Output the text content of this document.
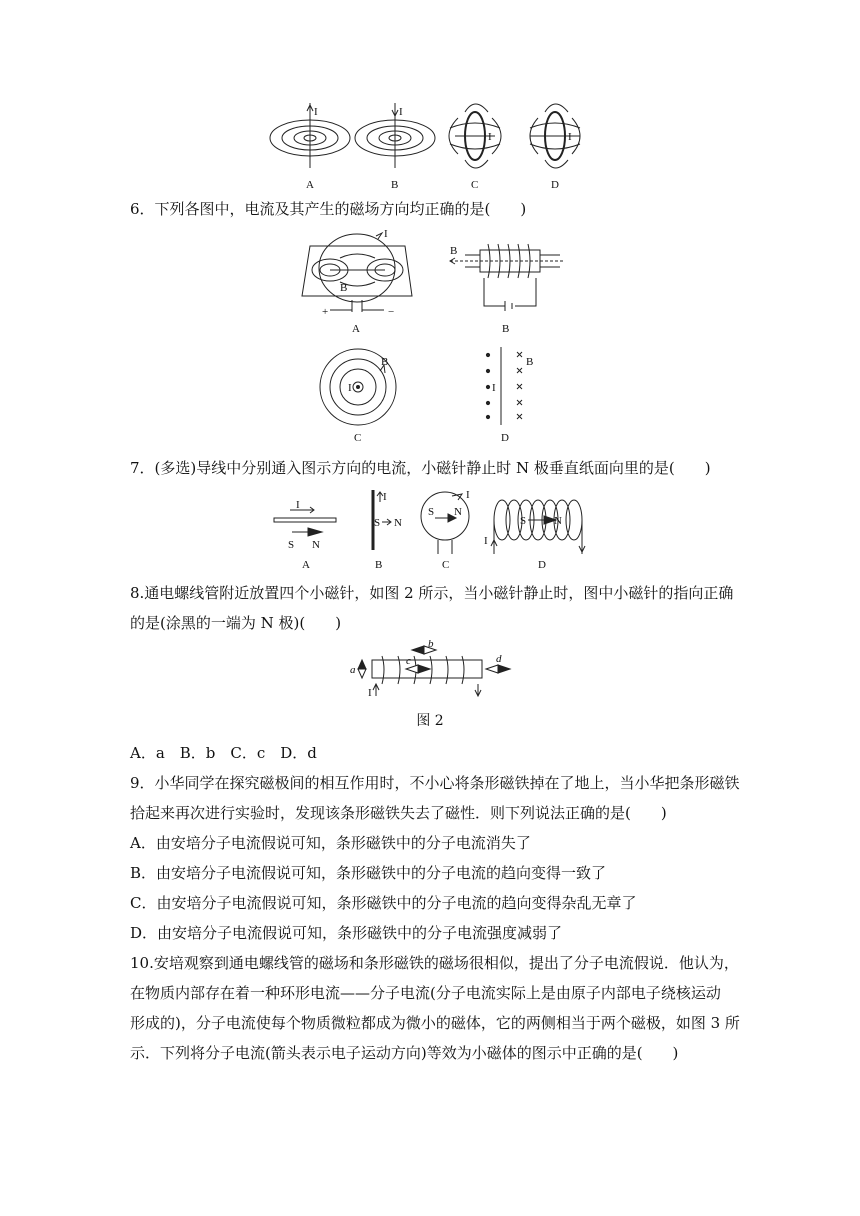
I	I
I	I
A	B	C	D

6．下列各图中，电流及其产生的磁场方向均正确的是(　　)

I
B
+	−
A
B
B
I
B
C
I
B
D

7．(多选)导线中分别通入图示方向的电流，小磁针静止时 N 极垂直纸面向里的是(　　)

I
S N
A
I
S N
B
I
S N
C
I
S	N
D

8.通电螺线管附近放置四个小磁针，如图 2 所示，当小磁针静止时，图中小磁针的指向正确

的是(涂黑的一端为 N 极)(　　)

a
b
c	d
I
图 2

A．a　B．b　C．c　D．d

9．小华同学在探究磁极间的相互作用时，不小心将条形磁铁掉在了地上，当小华把条形磁铁

拾起来再次进行实验时，发现该条形磁铁失去了磁性．则下列说法正确的是(　　)

A．由安培分子电流假说可知，条形磁铁中的分子电流消失了

B．由安培分子电流假说可知，条形磁铁中的分子电流的趋向变得一致了

C．由安培分子电流假说可知，条形磁铁中的分子电流的趋向变得杂乱无章了

D．由安培分子电流假说可知，条形磁铁中的分子电流强度减弱了

10.安培观察到通电螺线管的磁场和条形磁铁的磁场很相似，提出了分子电流假说．他认为，

在物质内部存在着一种环形电流——分子电流(分子电流实际上是由原子内部电子绕核运动

形成的)，分子电流使每个物质微粒都成为微小的磁体，它的两侧相当于两个磁极，如图 3 所

示．下列将分子电流(箭头表示电子运动方向)等效为小磁体的图示中正确的是(　　)
